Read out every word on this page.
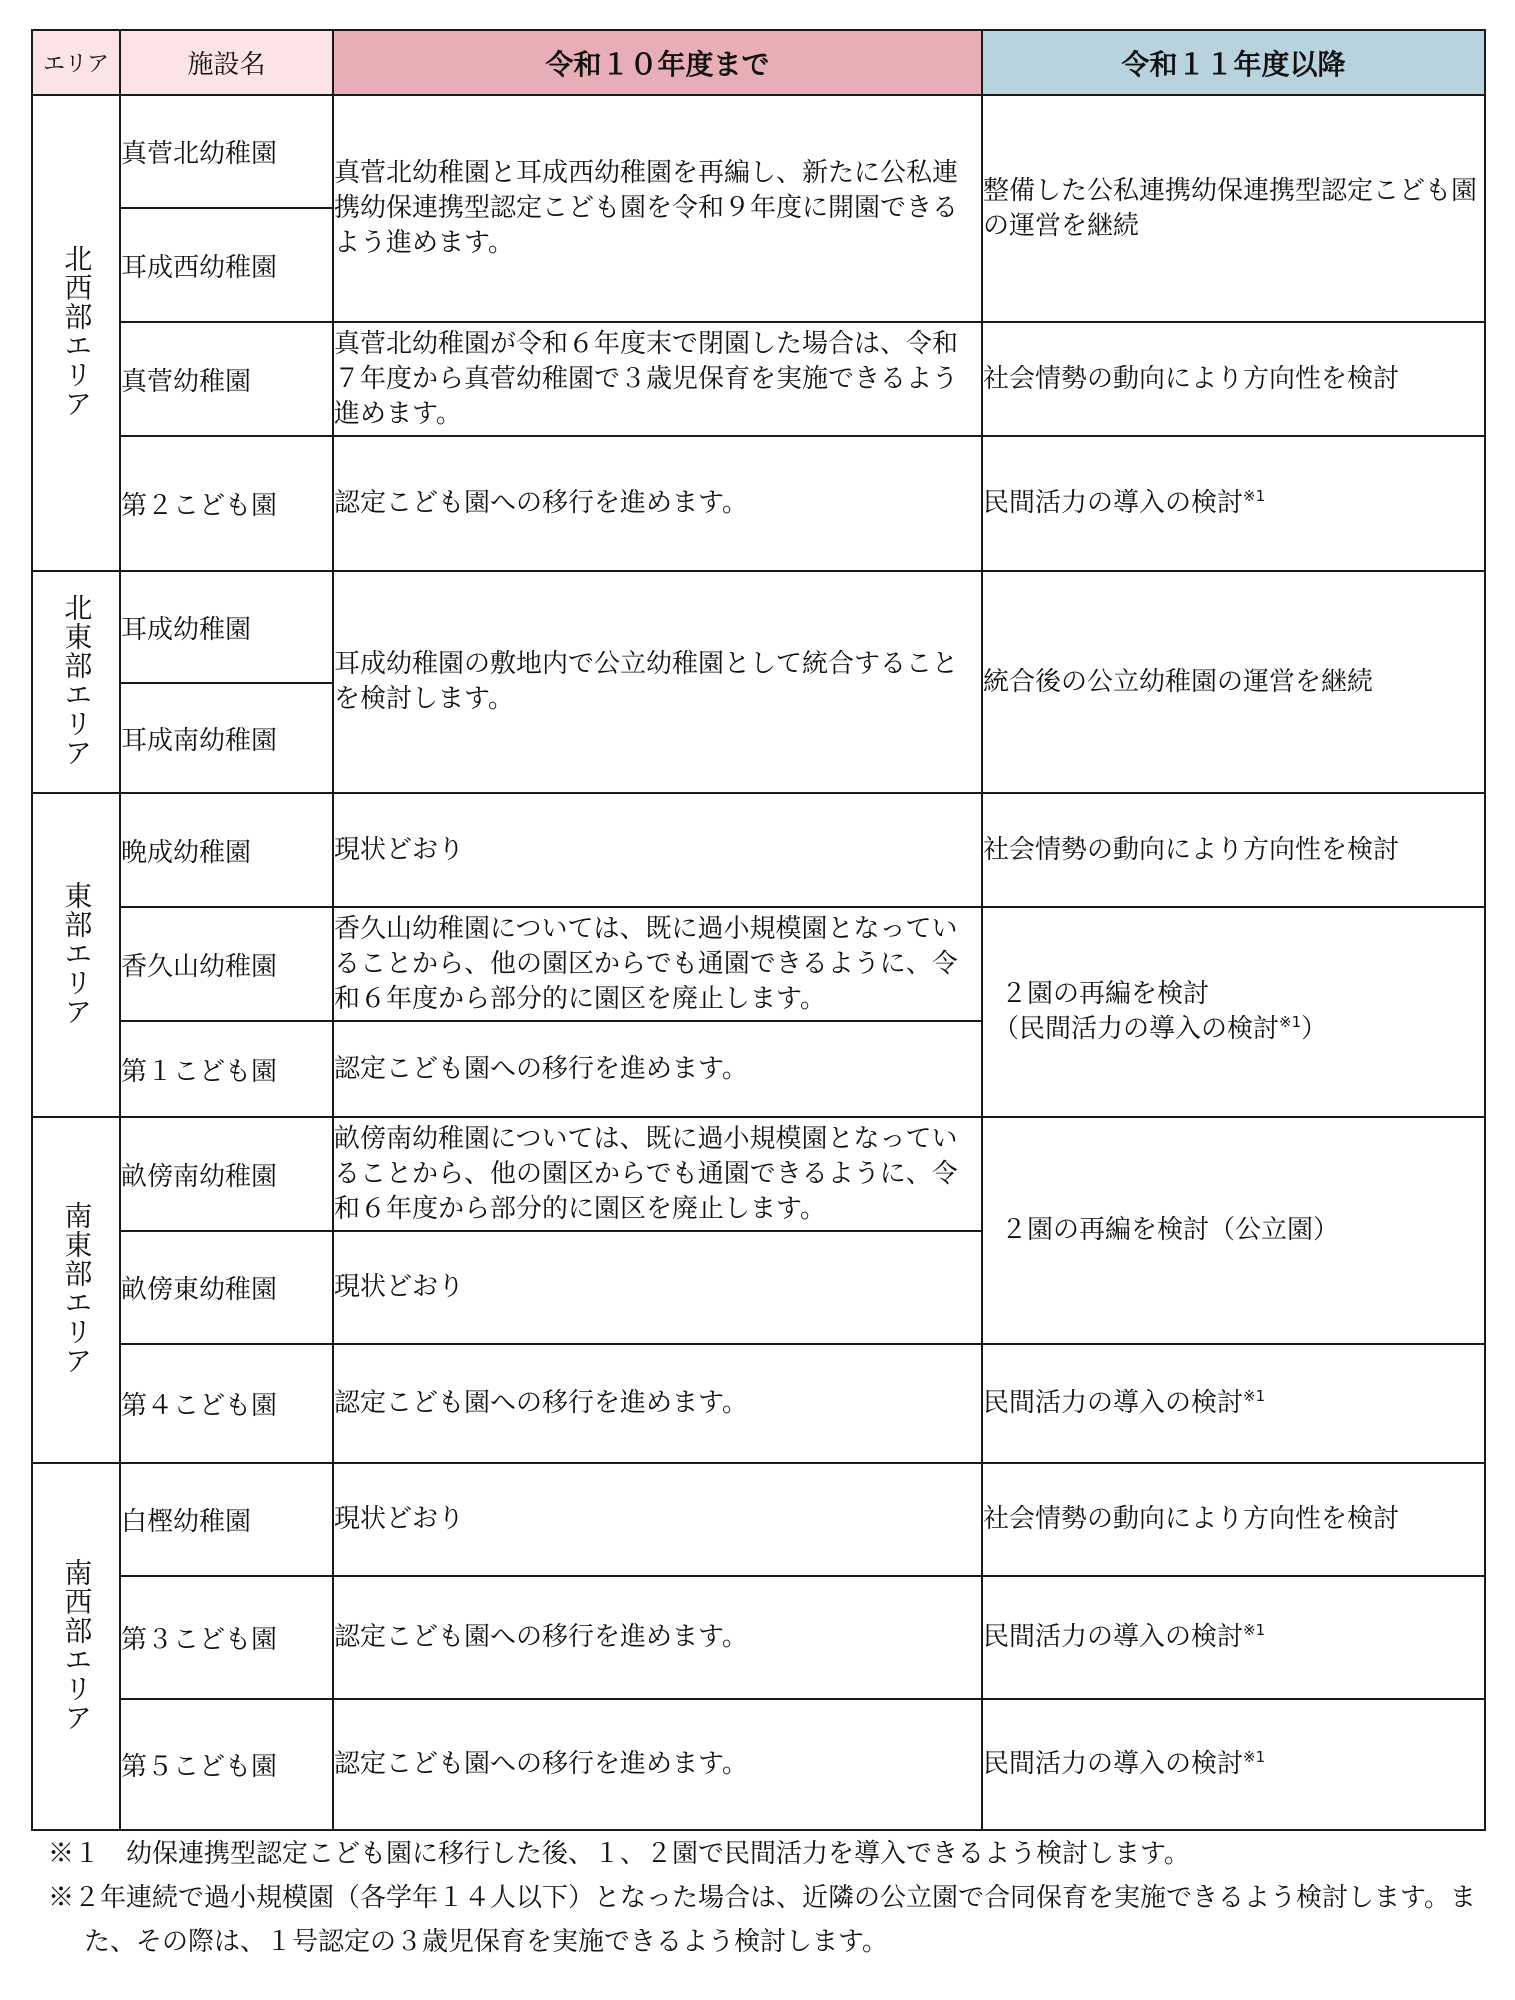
エリア	施設名	令和１０年度まで	令和１１年度以降
北西部エリア	真菅北幼稚園	真菅北幼稚園と耳成西幼稚園を再編し、新たに公私連携幼保連携型認定こども園を令和９年度に開園できるよう進めます。	整備した公私連携幼保連携型認定こども園の運営を継続
	耳成西幼稚園		
	真菅幼稚園	真菅北幼稚園が令和６年度末で閉園した場合は、令和７年度から真菅幼稚園で３歳児保育を実施できるよう進めます。	社会情勢の動向により方向性を検討
	第２こども園	認定こども園への移行を進めます。	民間活力の導入の検討$^{※1}$

北東部エリア	耳成幼稚園	耳成幼稚園の敷地内で公立幼稚園として統合することを検討します。	統合後の公立幼稚園の運営を継続
	耳成南幼稚園		
東部エリア	晩成幼稚園	現状どおり	社会情勢の動向により方向性を検討
	香久山幼稚園	香久山幼稚園については、既に過小規模園となっていることから、他の園区からでも通園できるように、令和６年度から部分的に園区を廃止します。	２園の再編を検討
（民間活力の導入の検討$^{※1}$）

	第１こども園	認定こども園への移行を進めます。	
南東部エリア	畝傍南幼稚園	畝傍南幼稚園については、既に過小規模園となっていることから、他の園区からでも通園できるように、令和６年度から部分的に園区を廃止します。	２園の再編を検討（公立園）

	畝傍東幼稚園	現状どおり	
	第４こども園	認定こども園への移行を進めます。	民間活力の導入の検討$^{※1}$
南西部エリア	白樫幼稚園	現状どおり	社会情勢の動向により方向性を検討
	第３こども園	認定こども園への移行を進めます。	民間活力の導入の検討$^{※1}$
	第５こども園	認定こども園への移行を進めます。	民間活力の導入の検討$^{※1}$

※１　幼保連携型認定こども園に移行した後、１、２園で民間活力を導入できるよう検討します。

※２年連続で過小規模園（各学年１４人以下）となった場合は、近隣の公立園で合同保育を実施できるよう検討します。また、その際は、１号認定の３歳児保育を実施できるよう検討します。
